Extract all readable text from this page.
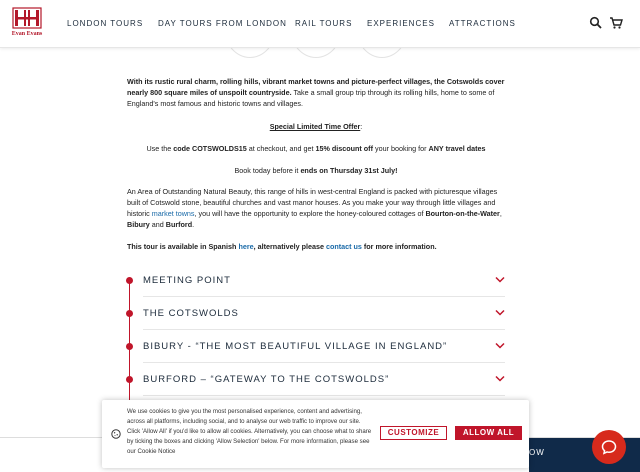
Evan Evans
LONDON TOURS DAY TOURS FROM LONDON RAIL TOURS EXPERIENCES ATTRACTIONS
With its rustic rural charm, rolling hills, vibrant market towns and picture-perfect villages, the Cotswolds cover nearly 800 square miles of unspoilt countryside. Take a small group trip through its rolling hills, home to some of England's most famous and historic towns and villages.
Special Limited Time Offer:
Use the code COTSWOLDS15 at checkout, and get 15% discount off your booking for ANY travel dates
Book today before it ends on Thursday 31st July!
An Area of Outstanding Natural Beauty, this range of hills in west-central England is packed with picturesque villages built of Cotswold stone, beautiful churches and vast manor houses. As you make your way through little villages and historic market towns, you will have the opportunity to explore the honey-coloured cottages of Bourton-on-the-Water, Bibury and Burford.
This tour is available in Spanish here, alternatively please contact us for more information.
MEETING POINT
THE COTSWOLDS
BIBURY - “THE MOST BEAUTIFUL VILLAGE IN ENGLAND”
BURFORD – “GATEWAY TO THE COTSWOLDS”
OW
We use cookies to give you the most personalised experience, content and advertising, across all platforms, including social, and to analyse our web traffic to improve our site. Click 'Allow All' if you'd like to allow all cookies. Alternatively, you can choose what to share by ticking the boxes and clicking 'Allow Selection' below. For more information, please see our Cookie Notice
CUSTOMIZE	ALLOW ALL
